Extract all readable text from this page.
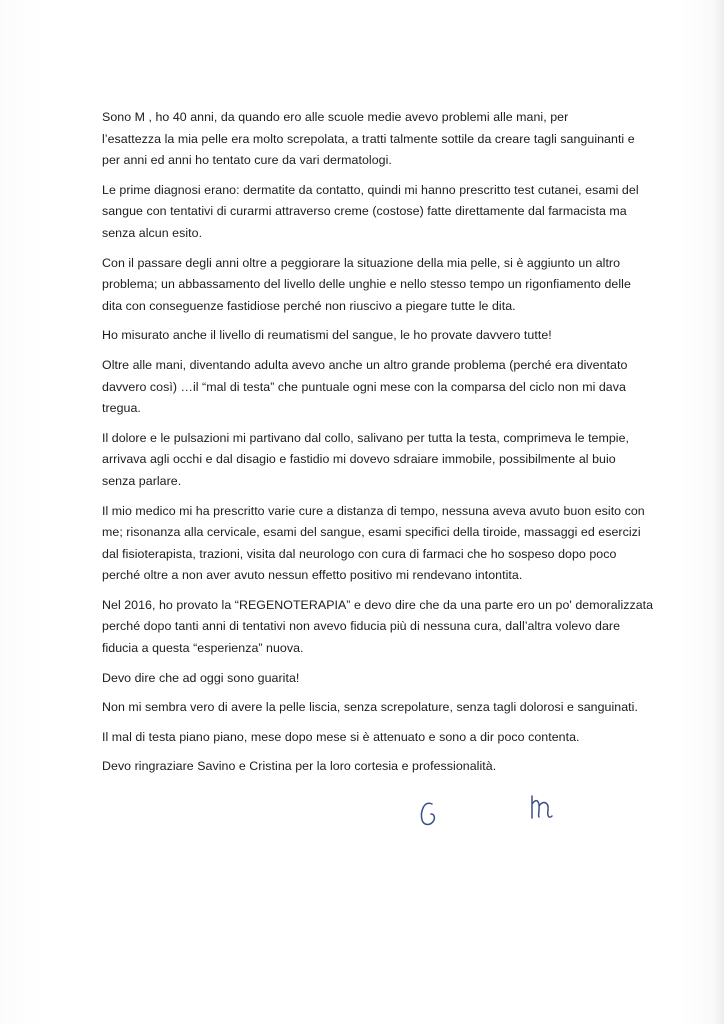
Sono M , ho 40 anni, da quando ero alle scuole medie avevo problemi alle mani, per
l’esattezza la mia pelle era molto screpolata, a tratti talmente sottile da creare tagli sanguinanti e
per anni ed anni ho tentato cure da vari dermatologi.

Le prime diagnosi erano: dermatite da contatto, quindi mi hanno prescritto test cutanei, esami del
sangue con tentativi di curarmi attraverso creme (costose) fatte direttamente dal farmacista ma
senza alcun esito.

Con il passare degli anni oltre a peggiorare la situazione della mia pelle, si è aggiunto un altro
problema; un abbassamento del livello delle unghie e nello stesso tempo un rigonfiamento delle
dita con conseguenze fastidiose perché non riuscivo a piegare tutte le dita.

Ho misurato anche il livello di reumatismi del sangue, le ho provate davvero tutte!

Oltre alle mani, diventando adulta avevo anche un altro grande problema (perché era diventato
davvero così) …il “mal di testa” che puntuale ogni mese con la comparsa del ciclo non mi dava
tregua.

Il dolore e le pulsazioni mi partivano dal collo, salivano per tutta la testa, comprimeva le tempie,
arrivava agli occhi e dal disagio e fastidio mi dovevo sdraiare immobile, possibilmente al buio
senza parlare.

Il mio medico mi ha prescritto varie cure a distanza di tempo, nessuna aveva avuto buon esito con
me; risonanza alla cervicale, esami del sangue, esami specifici della tiroide, massaggi ed esercizi
dal fisioterapista, trazioni, visita dal neurologo con cura di farmaci che ho sospeso dopo poco
perché oltre a non aver avuto nessun effetto positivo mi rendevano intontita.

Nel 2016, ho provato la “REGENOTERAPIA” e devo dire che da una parte ero un po' demoralizzata
perché dopo tanti anni di tentativi non avevo fiducia più di nessuna cura, dall’altra volevo dare
fiducia a questa “esperienza” nuova.

Devo dire che ad oggi sono guarita!

Non mi sembra vero di avere la pelle liscia, senza screpolature, senza tagli dolorosi e sanguinati.

Il mal di testa piano piano, mese dopo mese si è attenuato e sono a dir poco contenta.

Devo ringraziare Savino e Cristina per la loro cortesia e professionalità.
